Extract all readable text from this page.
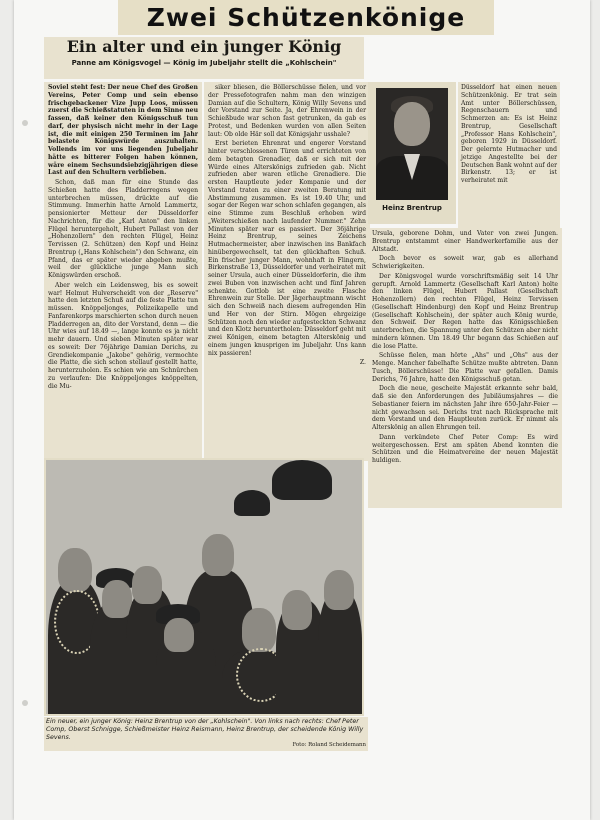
Zwei Schützenkönige
Ein alter und ein junger König
Panne am Königsvogel — König im Jubeljahr stellt die „Kohlschein"

Soviel steht fest: Der neue Chef des Großen Vereins, Peter Comp und sein ebenso frischgebackener Vize Jupp Loos, müssen zuerst die Schießstatuten in dem Sinne neu fassen, daß keiner den Königsschuß tun darf, der physisch nicht mehr in der Lage ist, die mit einigen 250 Terminen im Jahr belastete Königswürde auszuhalten. Vollends im vor uns liegenden Jubeljahr hätte es bitterer Folgen haben können, wäre einem Sechsundsiebzigjährigen diese Last auf den Schultern verblieben.

Schon, daß man für eine Stunde das Schießen hatte des Pladderregens wegen unterbrechen müssen, drückte auf die Stimmung. Immerhin hatte Arnold Lammertz, pensionierter Metteur der Düsseldorfer Nachrichten, für die „Karl Anton" den linken Flügel heruntergeholt, Hubert Pallast von der „Hohenzollern" den rechten Flügel, Heinz Tervissen (2. Schützen) den Kopf und Heinz Brentrup („Hans Kohlschein") den Schwanz, ein Pfand, das er später wieder abgeben mußte, weil der glückliche junge Mann sich Königswürden erschoß.

Aber welch ein Leidensweg, bis es soweit war! Helmut Hulverscheidt von der „Reserve" hatte den letzten Schuß auf die feste Platte tun müssen. Knöppeljonges, Polizeikapelle und Fanfarenkorps marschierten schon durch neuen Pladderregen an, dito der Vorstand, denn — die Uhr wies auf 18.49 —, lange konnte es ja nicht mehr dauern. Und sieben Minuten später war es soweit: Der 76jährige Damian Derichs, zu Grendiekompanie „Jakobe" gehörig, vermochte die Platte, die sich schon stellauf gestellt hatte, herunterzuholen. Es schien wie am Schnürchen zu verlaufen: Die Knöppeljonges knöppelten, die Mu-

siker bliesen, die Böllerschüsse fielen, und vor der Pressefotografen nahm man den winzigen Damian auf die Schultern, König Willy Sevens und der Vorstand zur Seite. Ja, der Ehrenwein in der Schießbude war schon fast getrunken, da gab es Protest, und Bedenken wurden von allen Seiten laut: Ob olde Här soll dat Königsjahr usshale?

Erst berieten Ehrenrat und engerer Vorstand hinter verschlossenen Türen und errichteten von dem betagten Grenadier, daß er sich mit der Würde eines Alterskönigs zufrieden gab. Nicht zufrieden aber waren etliche Grenadiere. Die ersten Hauptleute jeder Kompanie und der Vorstand traten zu einer zweiten Beratung mit Abstimmung zusammen. Es ist 19.40 Uhr, und sogar der Regen war schon schlafen gegangen, als eine Stimme zum Beschluß erhoben wird „Weiterschießen nach laufender Nummer." Zehn Minuten später war es passiert. Der 36jährige Heinz Brentrup, seines Zeichens Hutmachermeister, aber inzwischen ins Bankfach hinübergewechselt, tat den glückhaften Schuß. Ein frischer junger Mann, wohnhaft in Flingern, Birkenstraße 13, Düsseldorfer und verheiratet mit seiner Ursula, auch einer Düsseldorferin, die ihm zwei Buben von inzwischen acht und fünf Jahren schenkte. Gottlob ist eine zweite Flasche Ehrenwein zur Stelle. Der Jägerhauptmann wischt sich den Schweiß nach diesem aufregenden Hin und Her von der Stirn. Mögen ehrgeizige Schützen noch den wieder aufgesteckten Schwanz und den Klotz heruntertholen: Düsseldorf geht mit zwei Königen, einem betagten Alterskönig und einem jungen knusprigen im Jubeljahr. Uns kann nix passieren!

Z.

Heinz Brentrup

Düsseldorf hat einen neuen Schützenkönig. Er trat sein Amt unter Böllerschüssen, Regenschauern und Schmerzen an: Es ist Heinz Brentrup, Gesellschaft „Professor Hans Kohlschein", geboren 1929 in Düsseldorf. Der gelernte Hutmacher und jetzige Angestellte bei der Deutschen Bank wohnt auf der Birkenstr. 13; er ist verheiratet mit

Ursula, geborene Dohm, und Vater von zwei Jungen. Brentrup entstammt einer Handwerkerfamilie aus der Altstadt.

Doch bevor es soweit war, gab es allerhand Schwierigkeiten.

Der Königsvogel wurde vorschriftsmäßig seit 14 Uhr gerupft. Arnold Lammertz (Gesellschaft Karl Anton) holte den linken Flügel, Hubert Pallast (Gesellschaft Hohenzollern) den rechten Flügel, Heinz Tervissen (Gesellschaft Hindenburg) den Kopf und Heinz Brentrup (Gesellschaft Kohlschein), der später auch König wurde, den Schweif. Der Regen hatte das Königsschießen unterbrochen, die Spannung unter den Schützen aber nicht mindern können. Um 18.49 Uhr begann das Schießen auf die lose Platte.

Schüsse fielen, man hörte „Ahs" und „Ohs" aus der Menge. Mancher fabelhafte Schütze mußte abtreten. Dann Tusch, Böllerschüsse! Die Platte war gefallen. Damis Derichs, 76 Jahre, hatte den Königsschuß getan.

Doch die neue, gescheite Majestät erkannte sehr bald, daß sie den Anforderungen des Jubiläumsjahres — die Sebastianer feiern im nächsten Jahr ihre 650-Jahr-Feier — nicht gewachsen sei. Derichs trat nach Rücksprache mit dem Vorstand und den Hauptleuten zurück. Er nimmt als Alterskönig an allen Ehrungen teil.

Dann verkündete Chef Peter Comp: Es wird weitergeschossen. Erst am späten Abend konnten die Schützen und die Heimatvereine der neuen Majestät huldigen.

Ein neuer, ein junger König: Heinz Brentrup von der „Kohlschein". Von links nach rechts: Chef Peter Comp, Oberst Schnigge, Schießmeister Heinz Reismann, Heinz Brentrup, der scheidende König Willy Sevens.
Foto: Roland Scheidemann
